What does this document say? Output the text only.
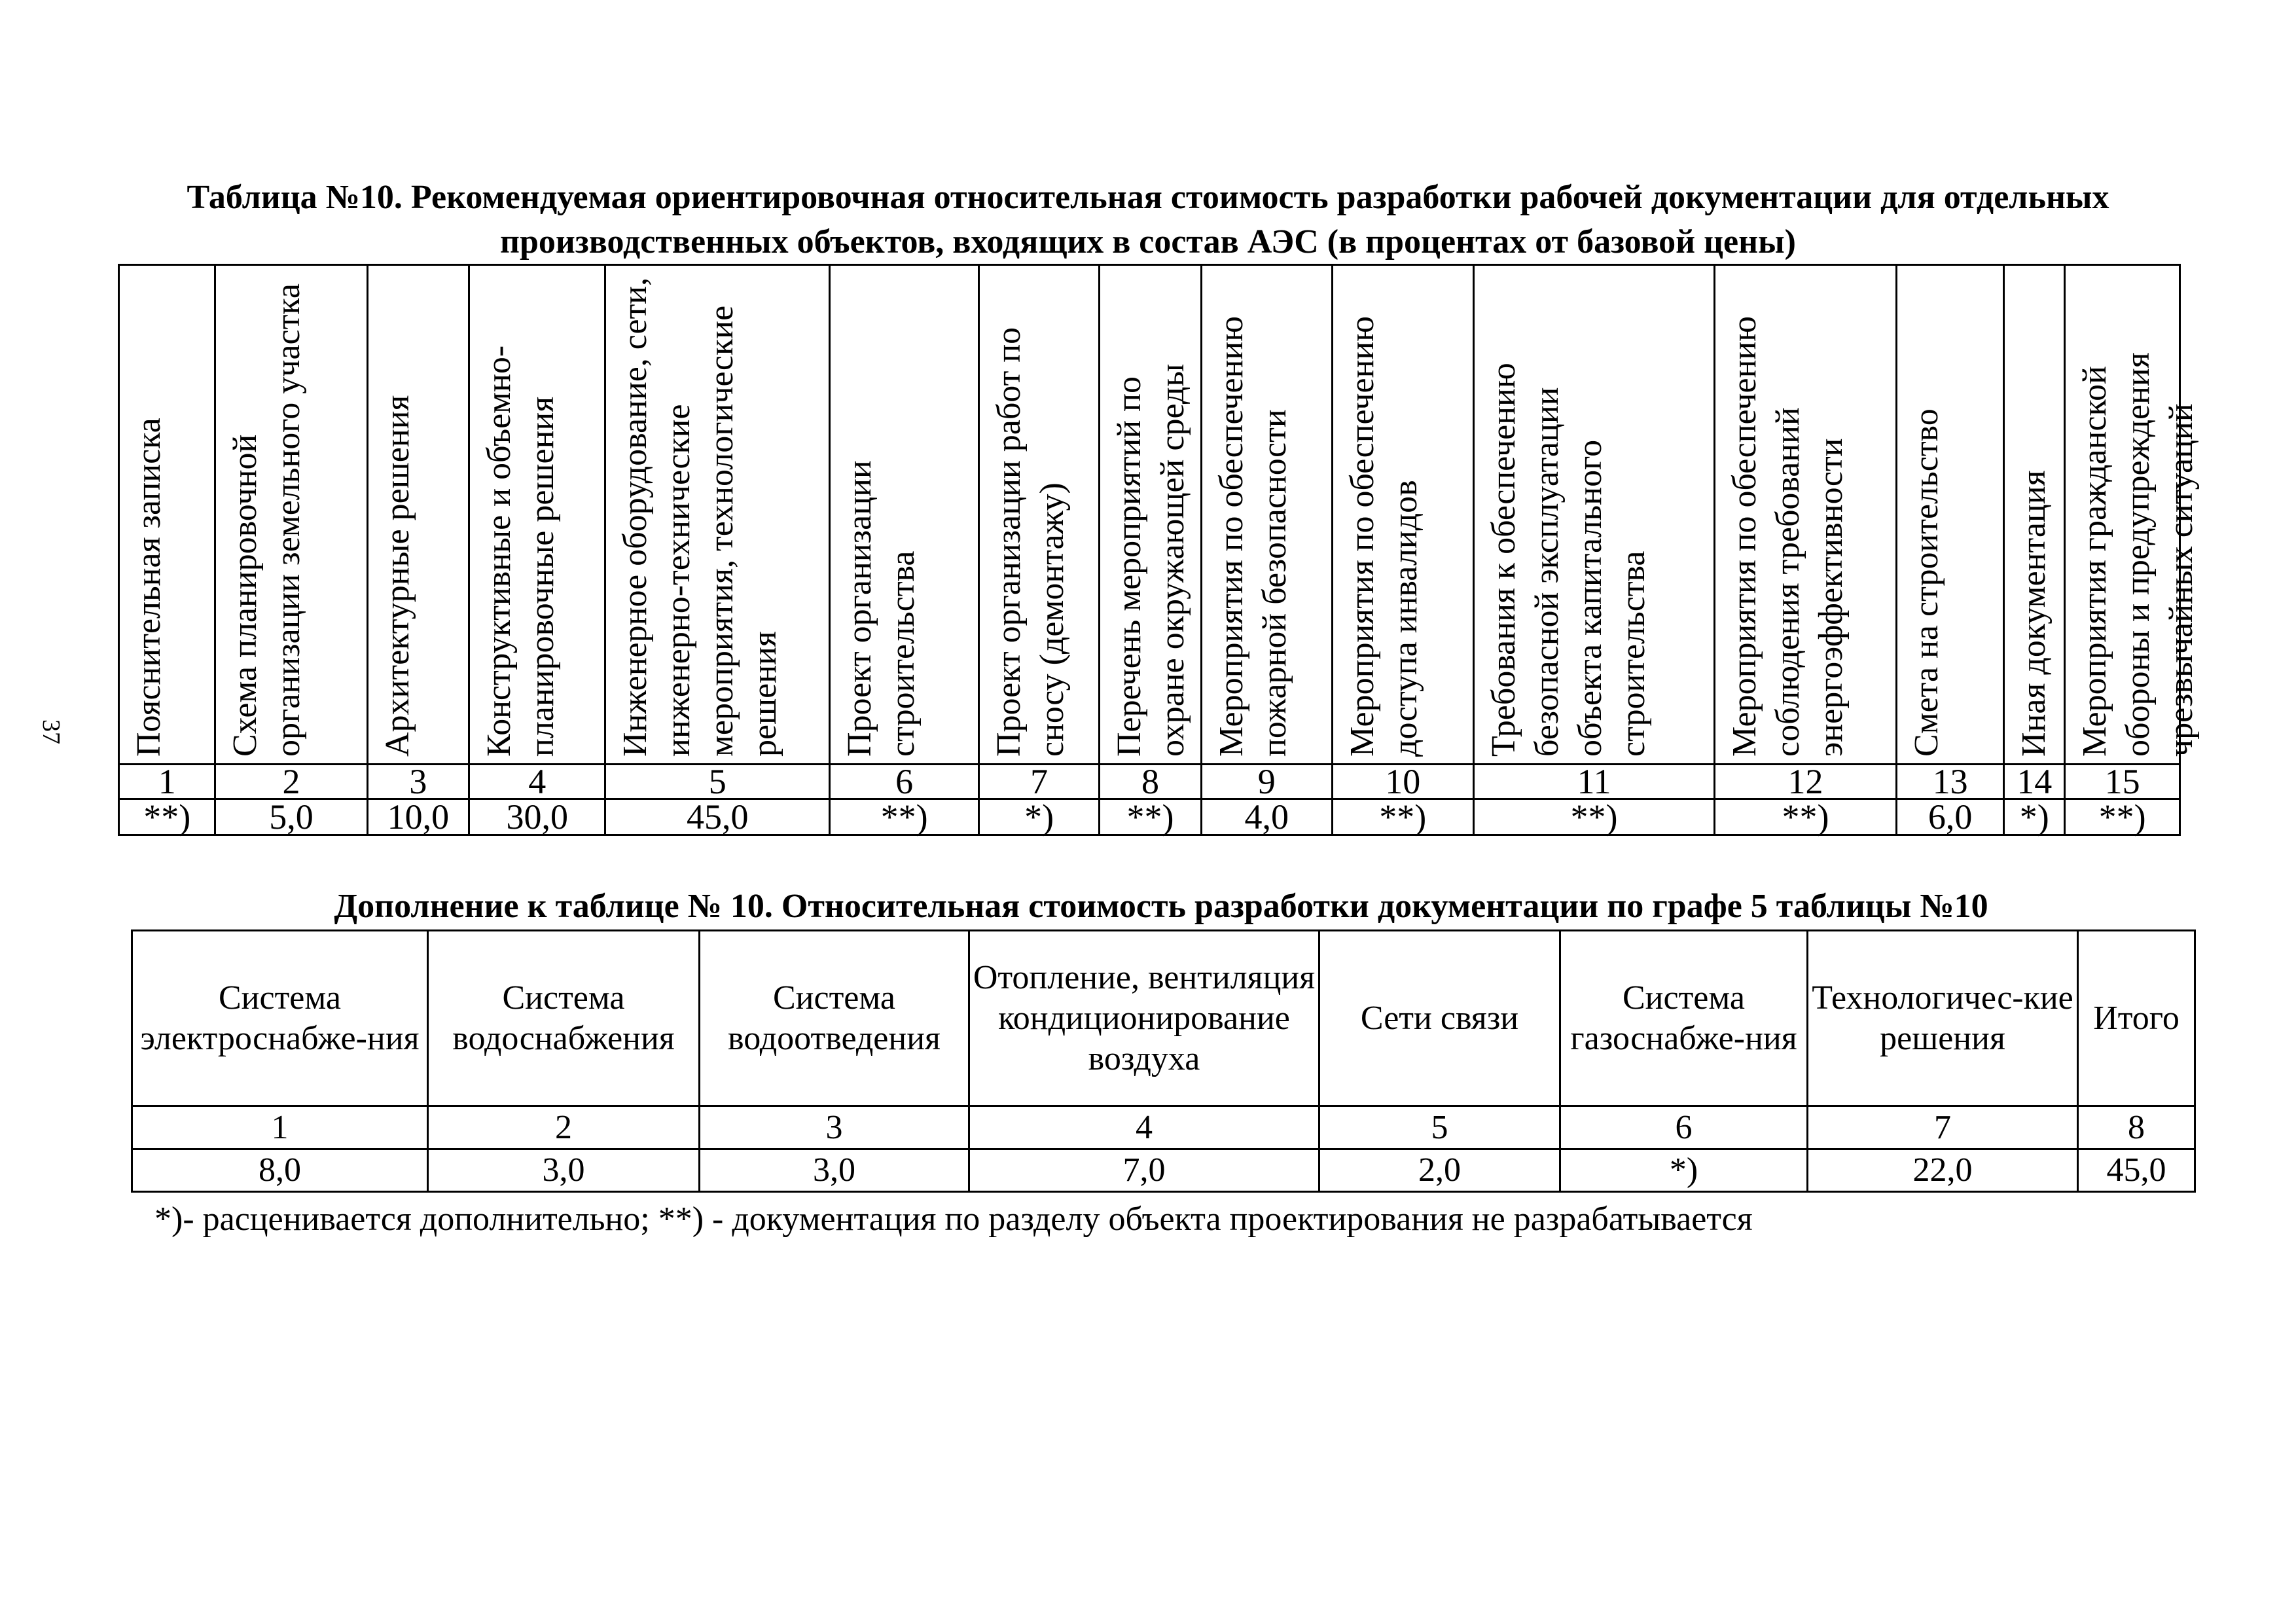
37

Таблица №10. Рекомендуемая ориентировочная относительная стоимость разработки рабочей документации для отдельных производственных объектов, входящих в состав АЭС (в процентах от базовой цены)

Пояснительная записка	Схема планировочной организации земельного участка	Архитектурные решения	Конструктивные и объемно-планировочные решения	Инженерное оборудование, сети, инженерно-технические мероприятия, технологические решения	Проект организации строительства	Проект организации работ по сносу (демонтажу)	Перечень мероприятий по охране окружающей среды	Мероприятия по обеспечению пожарной безопасности	Мероприятия по обеспечению доступа инвалидов	Требования к обеспечению безопасной эксплуатации объекта капитального строительства	Мероприятия по обеспечению соблюдения требований энергоэффективности	Смета на строительство	Иная документация	Мероприятия гражданской обороны и предупреждения чрезвычайных ситуаций

1	2	3	4	5	6	7	8	9	10	11	12	13	14	15
**)	5,0	10,0	30,0	45,0	**)	*)	**)	4,0	**)	**)	**)	6,0	*)	**)

Дополнение к таблице № 10. Относительная стоимость разработки документации по графе 5 таблицы №10

Система электроснабже-ния	Система водоснабжения	Система водоотведения	Отопление, вентиляция кондиционирование воздуха	Сети связи	Система газоснабже-ния	Технологичес-кие решения	Итого
1	2	3	4	5	6	7	8
8,0	3,0	3,0	7,0	2,0	*)	22,0	45,0

*)- расценивается дополнительно; **) - документация по разделу объекта проектирования не разрабатывается
